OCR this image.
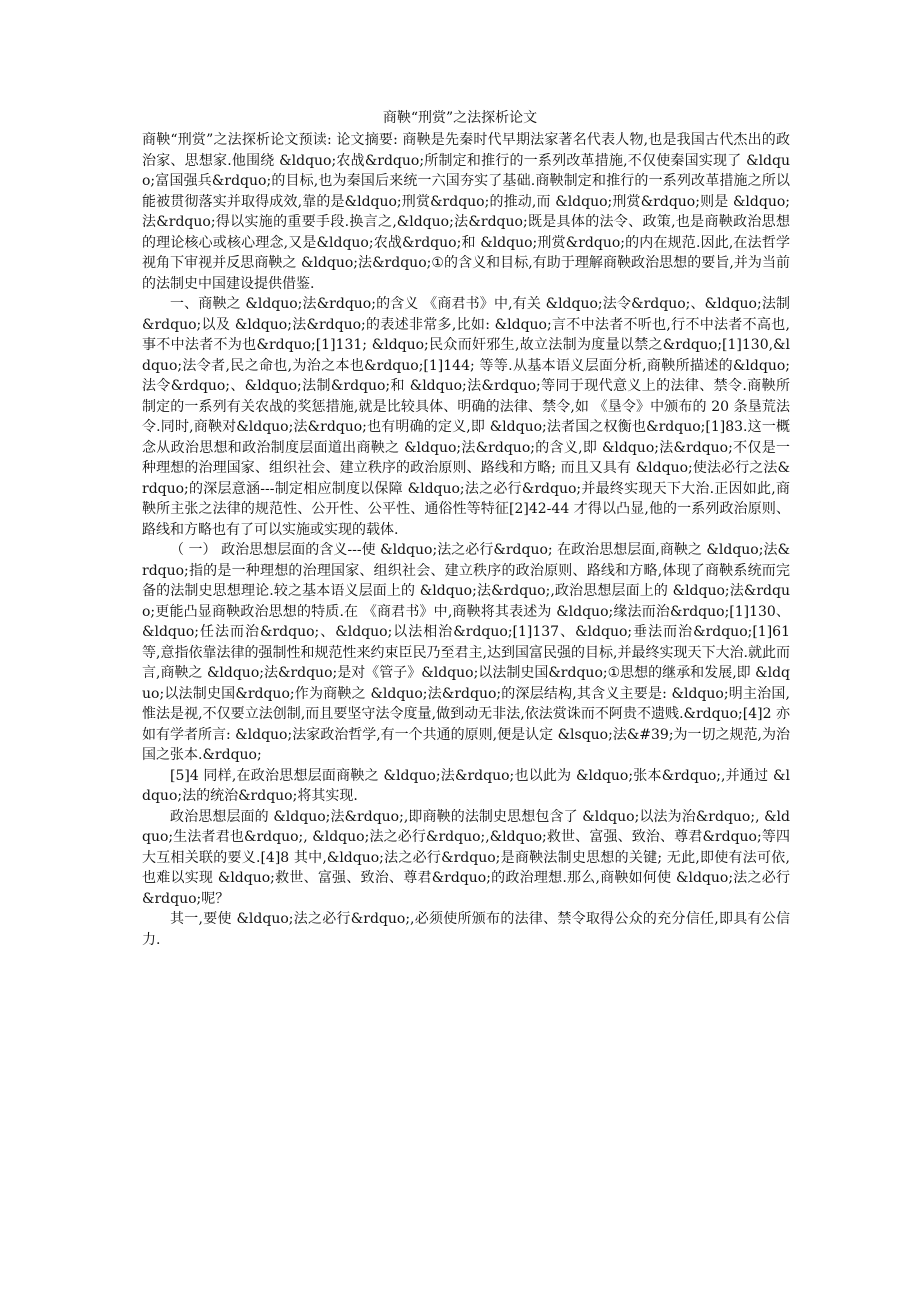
商鞅“刑赏”之法探析论文

商鞅“刑赏”之法探析论文预读: 论文摘要: 商鞅是先秦时代早期法家著名代表人物,也是我国古代杰出的政治家、思想家.他围绕 &ldquo;农战&rdquo;所制定和推行的一系列改革措施,不仅使秦国实现了 &ldquo;富国强兵&rdquo;的目标,也为秦国后来统一六国夯实了基础.商鞅制定和推行的一系列改革措施之所以能被贯彻落实并取得成效,靠的是&ldquo;刑赏&rdquo;的推动,而 &ldquo;刑赏&rdquo;则是 &ldquo;法&rdquo;得以实施的重要手段.换言之,&ldquo;法&rdquo;既是具体的法令、政策,也是商鞅政治思想的理论核心或核心理念,又是&ldquo;农战&rdquo;和 &ldquo;刑赏&rdquo;的内在规范.因此,在法哲学视角下审视并反思商鞅之 &ldquo;法&rdquo;①的含义和目标,有助于理解商鞅政治思想的要旨,并为当前的法制史中国建设提供借鉴.

一、商鞅之 &ldquo;法&rdquo;的含义 《商君书》中,有关 &ldquo;法令&rdquo;、&ldquo;法制&rdquo;以及 &ldquo;法&rdquo;的表述非常多,比如: &ldquo;言不中法者不听也,行不中法者不高也,事不中法者不为也&rdquo;[1]131; &ldquo;民众而奸邪生,故立法制为度量以禁之&rdquo;[1]130,&ldquo;法令者,民之命也,为治之本也&rdquo;[1]144; 等等.从基本语义层面分析,商鞅所描述的&ldquo;法令&rdquo;、&ldquo;法制&rdquo;和 &ldquo;法&rdquo;等同于现代意义上的法律、禁令.商鞅所制定的一系列有关农战的奖惩措施,就是比较具体、明确的法律、禁令,如 《垦令》中颁布的 20 条垦荒法令.同时,商鞅对&ldquo;法&rdquo;也有明确的定义,即 &ldquo;法者国之权衡也&rdquo;[1]83.这一概念从政治思想和政治制度层面道出商鞅之 &ldquo;法&rdquo;的含义,即 &ldquo;法&rdquo;不仅是一种理想的治理国家、组织社会、建立秩序的政治原则、路线和方略; 而且又具有 &ldquo;使法必行之法&rdquo;的深层意涵---制定相应制度以保障 &ldquo;法之必行&rdquo;并最终实现天下大治.正因如此,商鞅所主张之法律的规范性、公开性、公平性、通俗性等特征[2]42-44 才得以凸显,他的一系列政治原则、路线和方略也有了可以实施或实现的载体.

（ 一） 政治思想层面的含义---使 &ldquo;法之必行&rdquo; 在政治思想层面,商鞅之 &ldquo;法&rdquo;指的是一种理想的治理国家、组织社会、建立秩序的政治原则、路线和方略,体现了商鞅系统而完备的法制史思想理论.较之基本语义层面上的 &ldquo;法&rdquo;,政治思想层面上的 &ldquo;法&rdquo;更能凸显商鞅政治思想的特质.在 《商君书》中,商鞅将其表述为 &ldquo;缘法而治&rdquo;[1]130、&ldquo;任法而治&rdquo;、&ldquo;以法相治&rdquo;[1]137、&ldquo;垂法而治&rdquo;[1]61 等,意指依靠法律的强制性和规范性来约束臣民乃至君主,达到国富民强的目标,并最终实现天下大治.就此而言,商鞅之 &ldquo;法&rdquo;是对《管子》&ldquo;以法制史国&rdquo;①思想的继承和发展,即 &ldquo;以法制史国&rdquo;作为商鞅之 &ldquo;法&rdquo;的深层结构,其含义主要是: &ldquo;明主治国,惟法是视,不仅要立法创制,而且要坚守法令度量,做到动无非法,依法赏诛而不阿贵不遗贱.&rdquo;[4]2 亦如有学者所言: &ldquo;法家政治哲学,有一个共通的原则,便是认定 &lsquo;法&#39;为一切之规范,为治国之张本.&rdquo;

[5]4 同样,在政治思想层面商鞅之 &ldquo;法&rdquo;也以此为 &ldquo;张本&rdquo;,并通过 &ldquo;法的统治&rdquo;将其实现.

政治思想层面的 &ldquo;法&rdquo;,即商鞅的法制史思想包含了 &ldquo;以法为治&rdquo;, &ldquo;生法者君也&rdquo;, &ldquo;法之必行&rdquo;,&ldquo;救世、富强、致治、尊君&rdquo;等四大互相关联的要义.[4]8 其中,&ldquo;法之必行&rdquo;是商鞅法制史思想的关键; 无此,即使有法可依,也难以实现 &ldquo;救世、富强、致治、尊君&rdquo;的政治理想.那么,商鞅如何使 &ldquo;法之必行&rdquo;呢？

其一,要使 &ldquo;法之必行&rdquo;,必须使所颁布的法律、禁令取得公众的充分信任,即具有公信力.
